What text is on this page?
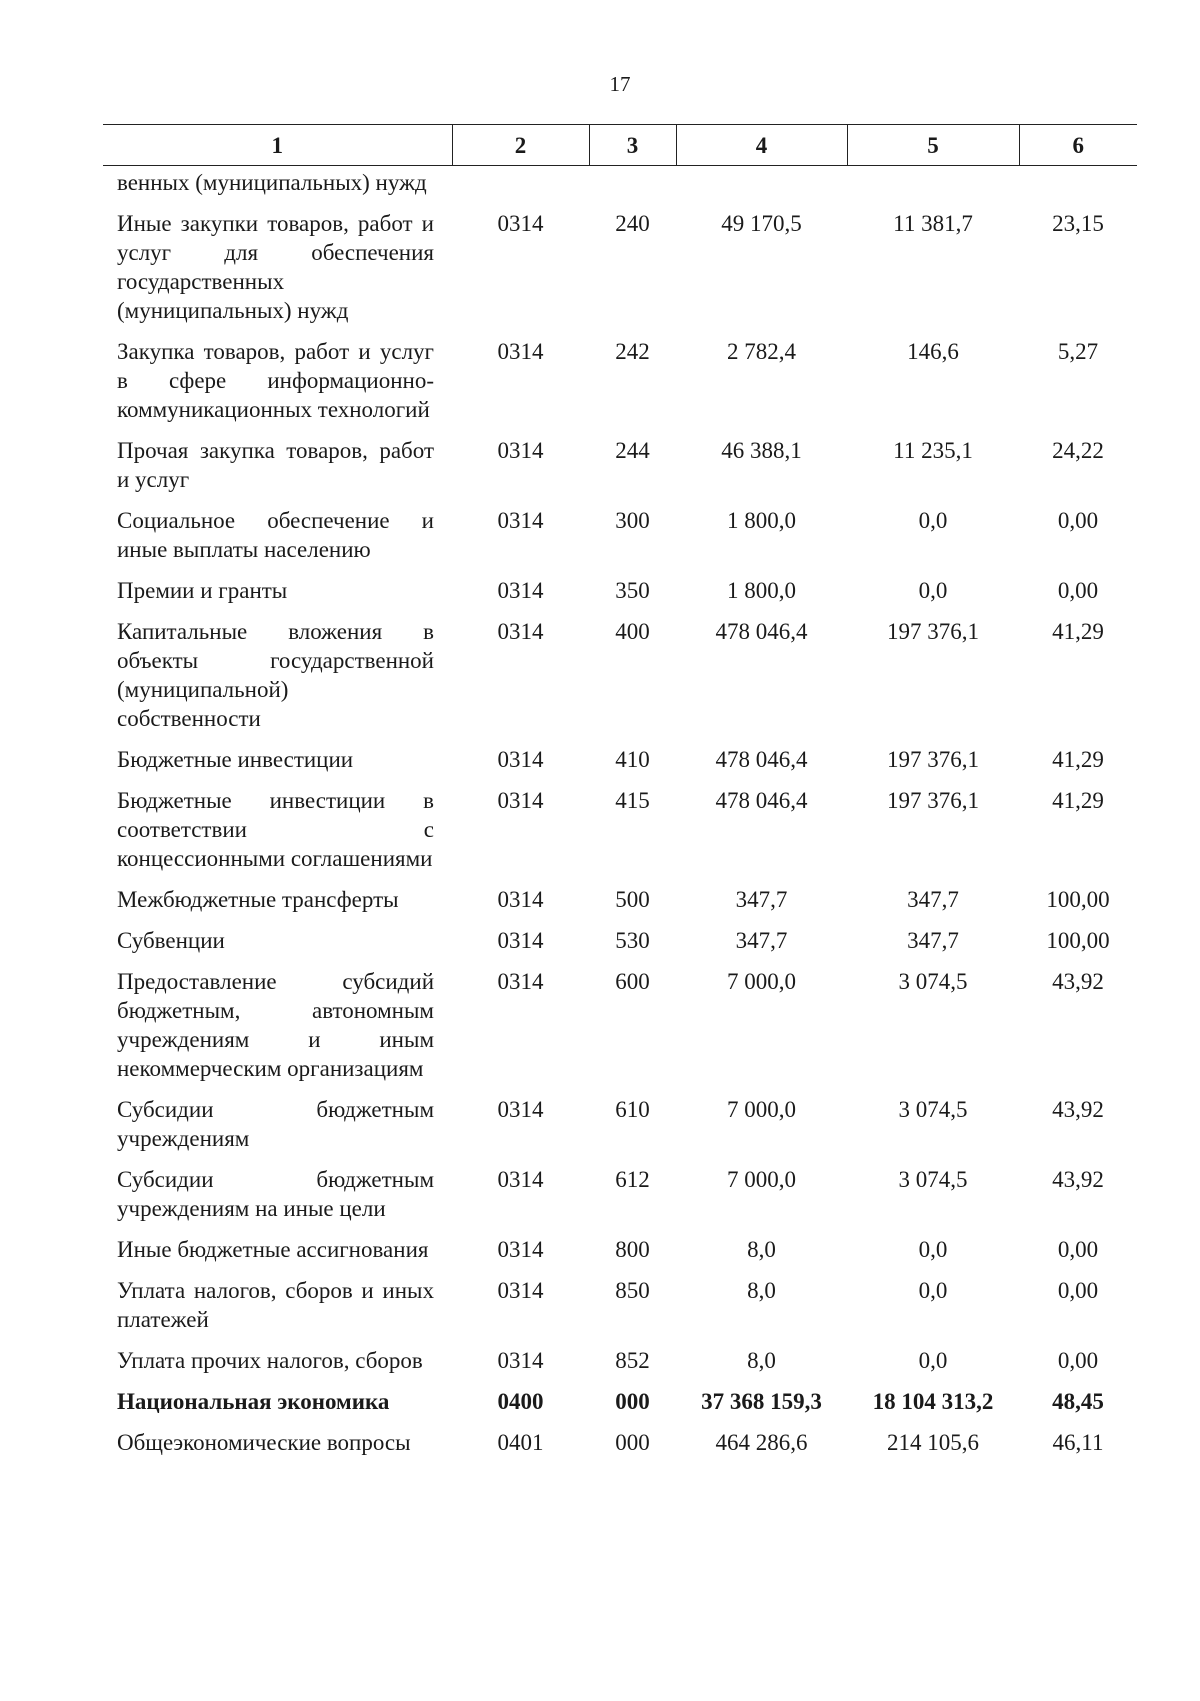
17
1	2	3	4	5	6
венных (муниципальных) нужд					
Иные закупки товаров, работ и услуг для обеспечения государственных (муниципальных) нужд	0314	240	49 170,5	11 381,7	23,15
Закупка товаров, работ и услуг в сфере информационно-коммуникационных технологий	0314	242	2 782,4	146,6	5,27
Прочая закупка товаров, работ и услуг	0314	244	46 388,1	11 235,1	24,22
Социальное обеспечение и иные выплаты населению	0314	300	1 800,0	0,0	0,00
Премии и гранты	0314	350	1 800,0	0,0	0,00
Капитальные вложения в объекты государственной (муниципальной) собственности	0314	400	478 046,4	197 376,1	41,29
Бюджетные инвестиции	0314	410	478 046,4	197 376,1	41,29
Бюджетные инвестиции в соответствии с концессионными соглашениями	0314	415	478 046,4	197 376,1	41,29
Межбюджетные трансферты	0314	500	347,7	347,7	100,00
Субвенции	0314	530	347,7	347,7	100,00
Предоставление субсидий бюджетным, автономным учреждениям и иным некоммерческим организациям	0314	600	7 000,0	3 074,5	43,92
Субсидии бюджетным учреждениям	0314	610	7 000,0	3 074,5	43,92
Субсидии бюджетным учреждениям на иные цели	0314	612	7 000,0	3 074,5	43,92
Иные бюджетные ассигнования	0314	800	8,0	0,0	0,00
Уплата налогов, сборов и иных платежей	0314	850	8,0	0,0	0,00
Уплата прочих налогов, сборов	0314	852	8,0	0,0	0,00
Национальная экономика	0400	000	37 368 159,3	18 104 313,2	48,45
Общеэкономические вопросы	0401	000	464 286,6	214 105,6	46,11
